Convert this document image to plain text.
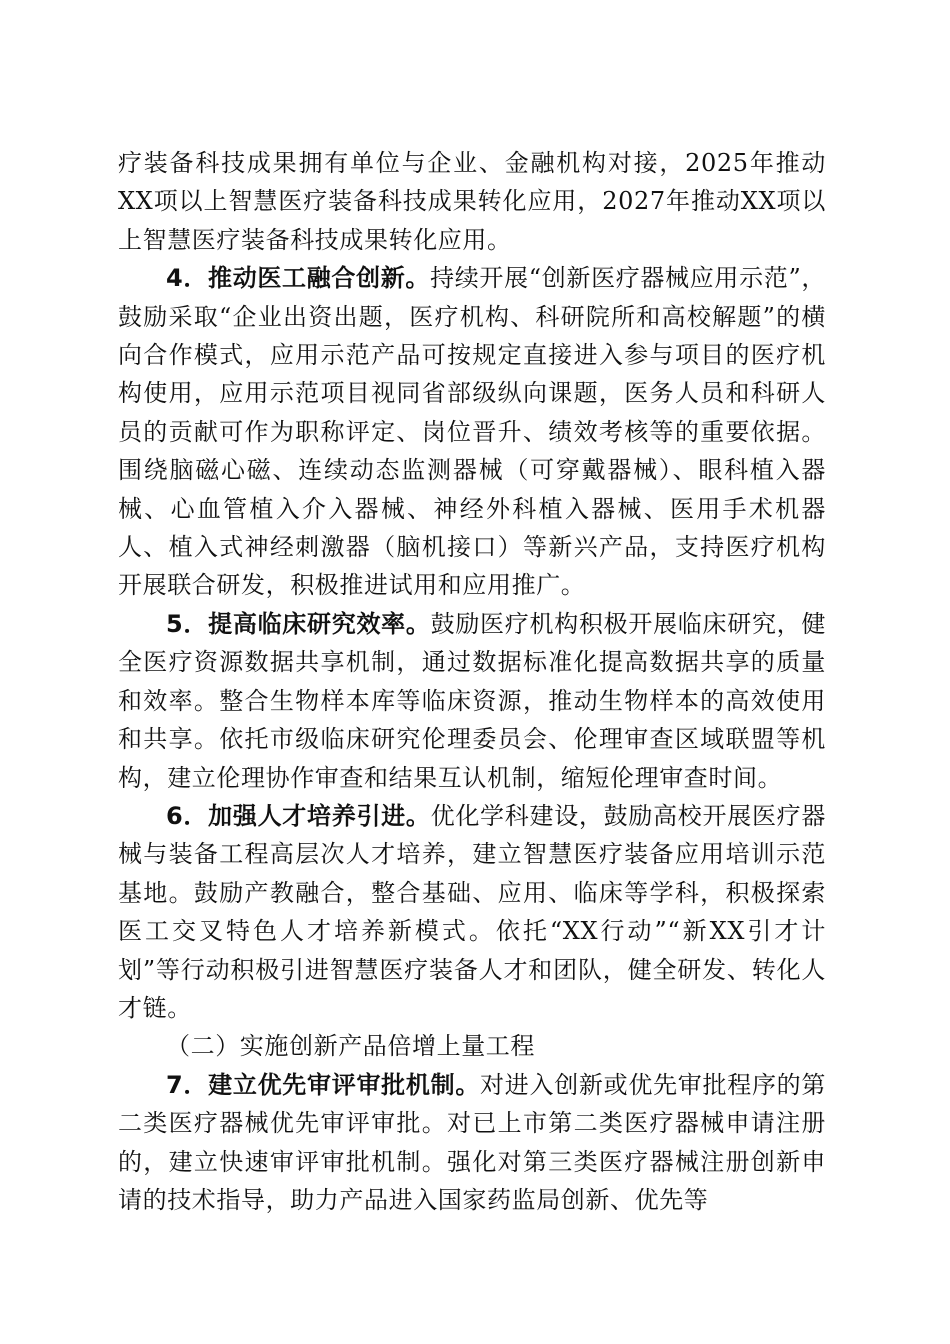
疗装备科技成果拥有单位与企业、金融机构对接，2025年推动XX项以上智慧医疗装备科技成果转化应用，2027年推动XX项以上智慧医疗装备科技成果转化应用。

4．推动医工融合创新。持续开展“创新医疗器械应用示范”，鼓励采取“企业出资出题，医疗机构、科研院所和高校解题”的横向合作模式，应用示范产品可按规定直接进入参与项目的医疗机构使用，应用示范项目视同省部级纵向课题，医务人员和科研人员的贡献可作为职称评定、岗位晋升、绩效考核等的重要依据。围绕脑磁心磁、连续动态监测器械（可穿戴器械）、眼科植入器械、心血管植入介入器械、神经外科植入器械、医用手术机器人、植入式神经刺激器（脑机接口）等新兴产品，支持医疗机构开展联合研发，积极推进试用和应用推广。

5．提高临床研究效率。鼓励医疗机构积极开展临床研究，健全医疗资源数据共享机制，通过数据标准化提高数据共享的质量和效率。整合生物样本库等临床资源，推动生物样本的高效使用和共享。依托市级临床研究伦理委员会、伦理审查区域联盟等机构，建立伦理协作审查和结果互认机制，缩短伦理审查时间。

6．加强人才培养引进。优化学科建设，鼓励高校开展医疗器械与装备工程高层次人才培养，建立智慧医疗装备应用培训示范基地。鼓励产教融合，整合基础、应用、临床等学科，积极探索医工交叉特色人才培养新模式。依托“XX行动”“新XX引才计划”等行动积极引进智慧医疗装备人才和团队，健全研发、转化人才链。

（二）实施创新产品倍增上量工程

7．建立优先审评审批机制。对进入创新或优先审批程序的第二类医疗器械优先审评审批。对已上市第二类医疗器械申请注册的，建立快速审评审批机制。强化对第三类医疗器械注册创新申请的技术指导，助力产品进入国家药监局创新、优先等
